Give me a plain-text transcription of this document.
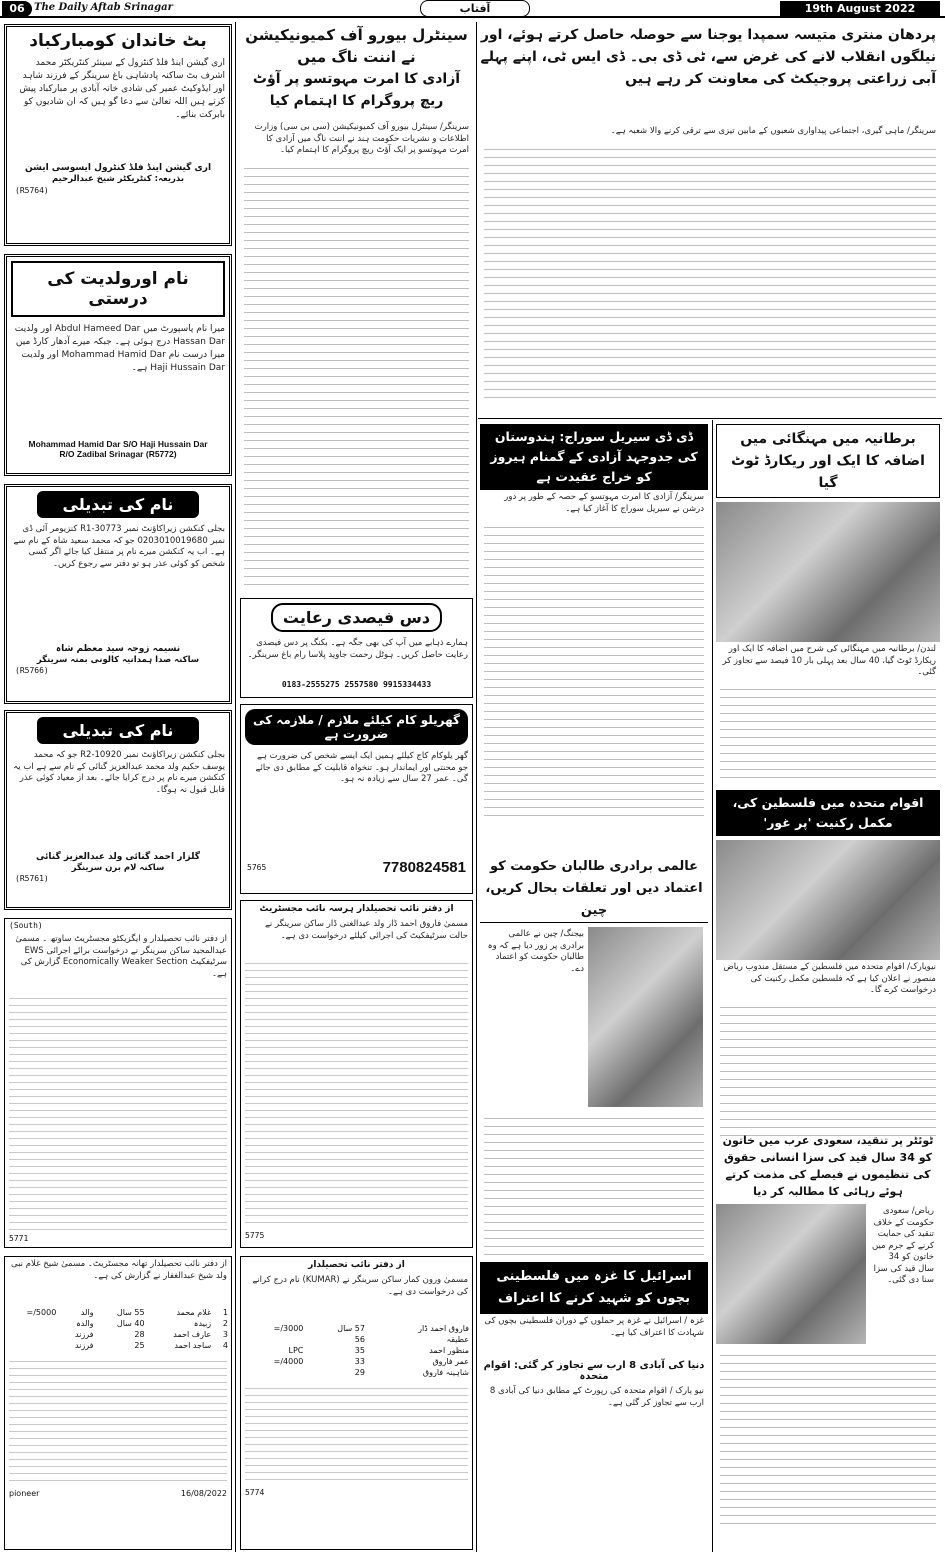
06 The Daily Aftab Srinagar	آفتاب	19th August 2022
بٹ خاندان کومبارکباد
اری گیشن اینڈ فلڈ کنٹرول کے سینئر کنٹریکٹر محمد اشرف بٹ ساکنہ پادشاہی باغ سرینگر کے فرزند شاہد اور ایڈوکیٹ عمیر کی شادی خانہ آبادی پر مبارکباد پیش کرتے ہیں اللہ تعالیٰ سے دعا گو ہیں کہ ان شادیوں کو بابرکت بنائے۔
اری گیشن اینڈ فلڈ کنٹرول ایسوسی ایشن
بذریعہ: کنٹریکٹر شیخ عبدالرحیم
(R5764)
نام اورولدیت کی درستی
میرا نام پاسپورٹ میں Abdul Hameed Dar اور ولدیت Hassan Dar درج ہوئی ہے۔ جبکہ میرے آدھار کارڈ میں میرا درست نام Mohammad Hamid Dar اور ولدیت Haji Hussain Dar ہے۔
Mohammad Hamid Dar S/O Haji Hussain Dar
R/O Zadibal Srinagar (R5772)
نام کی تبدیلی
بجلی کنکشن زیراکاؤنٹ نمبر 30773-R1 کنزیومر آئی ڈی نمبر 0203010019680 جو کہ محمد سعید شاہ کے نام سے ہے۔ اب یہ کنکشن میرے نام پر منتقل کیا جائے اگر کسی شخص کو کوئی عذر ہو تو دفتر سے رجوع کریں۔
نسیمہ زوجہ سید معظم شاہ
ساکنہ صدا ہمدانیہ کالونی بمنہ سرینگر
(R5766)
نام کی تبدیلی
بجلی کنکشن زیراکاؤنٹ نمبر 10920-R2 جو کہ محمد یوسف حکیم ولد محمد عبدالعزیز گنائی کے نام سے ہے اب یہ کنکشن میرے نام پر درج کرایا جائے۔ بعد از معیاد کوئی عذر قابل قبول نہ ہوگا۔
گلزار احمد گنائی ولد عبدالعزیز گنائی
ساکنہ لام برن سرینگر
(R5761)
(South)
از دفتر نائب تحصیلدار و ایگزیکٹو مجسٹریٹ ساوتھ ۔ مسمیٰ عبدالمجید ساکن سرینگر نے درخواست برائے اجرائی EWS سرٹیفکیٹ Economically Weaker Section گزارش کی ہے۔
5771
از دفتر نائب تحصیلدار تھانہ مجسٹریٹ۔ مسمیٰ شیخ غلام نبی ولد شیخ عبدالغفار نے گزارش کی ہے۔
1	غلام محمد	55 سال	والد	5000/=
2	زبیدہ	40 سال	والدہ	
3	عارف احمد	28	فرزند	
4	ساجد احمد	25	فرزند	
pioneer	16/08/2022
سینٹرل بیورو آف کمیونیکیشن نے اننت ناگ میں
آزادی کا امرت مہوتسو پر آؤٹ ریچ پروگرام کا اہتمام کیا
سرینگر/ سینٹرل بیورو آف کمیونیکیشن (سی بی سی) وزارت اطلاعات و نشریات حکومت ہند نے اننت ناگ میں آزادی کا امرت مہوتسو پر ایک آؤٹ ریچ پروگرام کا اہتمام کیا۔
دس فیصدی رعایت
ہمارے ذہابے میں آپ کی بھی جگہ ہے۔ بکنگ پر دس فیصدی رعایت حاصل کریں۔ ہوٹل رحمت جاوید پلاسا رام باغ سرینگر۔
0183-2555275 2557580 9915334433
گھریلو کام کیلئے ملازم / ملازمہ کی ضرورت ہے
گھر یلوکام کاج کیلئے ہمیں ایک ایسے شخص کی ضرورت ہے جو محنتی اور ایماندار ہو۔ تنخواہ قابلیت کے مطابق دی جائے گی۔ عمر 27 سال سے زیادہ نہ ہو۔
5765	7780824581
از دفتر نائب تحصیلدار ہرسہ نائب مجسٹریٹ
مسمیٰ فاروق احمد ڈار ولد عبدالغنی ڈار ساکن سرینگر نے حالت سرٹیفکیٹ کی اجرائی کیلئے درخواست دی ہے۔
5775
از دفتر نائب تحصیلدار
مسمیٰ ورون کمار ساکن سرینگر نے (KUMAR) نام درج کرانے کی درخواست دی ہے۔
فاروق احمد ڈار	57 سال	3000/=
عطیقہ	56	
منظور احمد	35	LPC
عمر فاروق	33	4000/=
شاہینہ فاروق	29	
5774
پردھان منتری متیسہ سمپدا یوجنا سے حوصلہ حاصل کرتے ہوئے، اور نیلگوں انقلاب لانے کی غرض سے، ٹی ڈی بی۔ ڈی ایس ٹی، اپنے پہلے آبی زراعتی پروجیکٹ کی معاونت کر رہے ہیں
سرینگر/ ماہی گیری، اجتماعی پیداواری شعبوں کے مابین تیزی سے ترقی کرنے والا شعبہ ہے۔
ڈی ڈی سیریل سوراج: ہندوستان کی جدوجہد آزادی کے گمنام ہیروز کو خراج عقیدت ہے
سرینگر/ آزادی کا امرت مہوتسو کے حصہ کے طور پر دور درشن نے سیریل سوراج کا آغاز کیا ہے۔
عالمی برادری طالبان حکومت کو اعتماد دیں اور تعلقات بحال کریں، چین
بیجنگ/ چین نے عالمی برادری پر زور دیا ہے کہ وہ طالبان حکومت کو اعتماد دے۔
اسرائیل کا غزہ میں فلسطینی بچوں کو شہید کرنے کا اعتراف
غزہ / اسرائیل نے غزہ پر حملوں کے دوران فلسطینی بچوں کی شہادت کا اعتراف کیا ہے۔
دنیا کی آبادی 8 ارب سے تجاوز کر گئی: اقوام متحدہ
نیو یارک / اقوام متحدہ کی رپورٹ کے مطابق دنیا کی آبادی 8 ارب سے تجاوز کر گئی ہے۔
برطانیہ میں مہنگائی میں اضافہ کا ایک اور ریکارڈ ٹوٹ گیا
لندن/ برطانیہ میں مہنگائی کی شرح میں اضافہ کا ایک اور ریکارڈ ٹوٹ گیا، 40 سال بعد پہلی بار 10 فیصد سے تجاوز کر گئی۔
اقوام متحدہ میں فلسطین کی، مکمل رکنیت 'پر غور'
نیویارک/ اقوام متحدہ میں فلسطین کے مستقل مندوب ریاض منصور نے اعلان کیا ہے کہ فلسطین مکمل رکنیت کی درخواست کرے گا۔
ٹوئٹر پر تنقید، سعودی عرب میں خاتون کو 34 سال قید کی سزا انسانی حقوق کی تنظیموں نے فیصلے کی مذمت کرتے ہوئے رہائی کا مطالبہ کر دیا
ریاض/ سعودی حکومت کے خلاف تنقید کی حمایت کرنے کے جرم میں خاتون کو 34 سال قید کی سزا سنا دی گئی۔
